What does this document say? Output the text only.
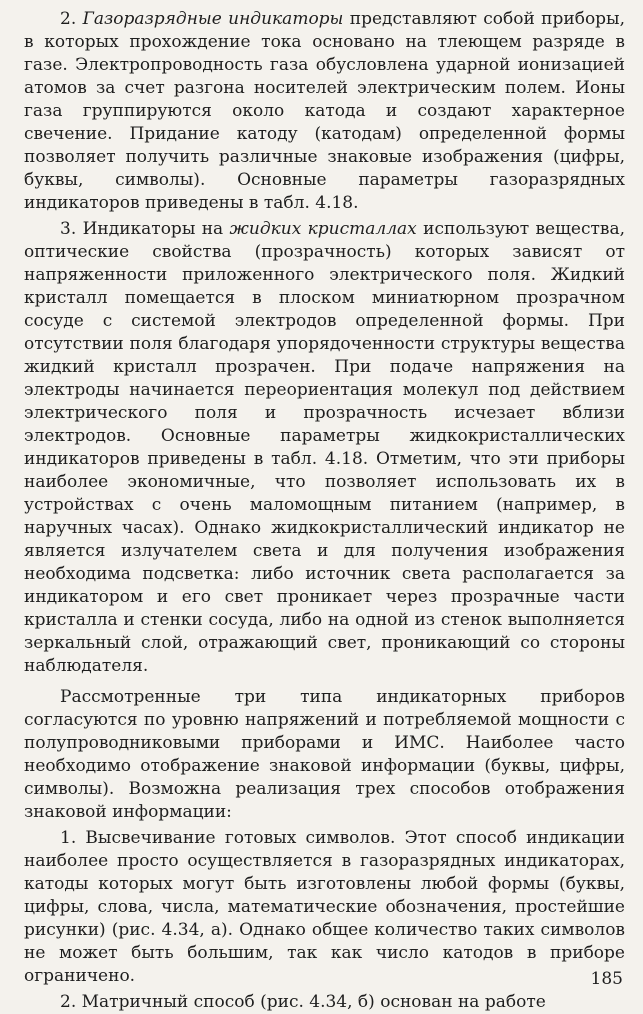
2. Газоразрядные индикаторы представляют собой приборы, в которых прохождение тока основано на тлеющем разряде в газе. Электропроводность газа обусловлена ударной ионизацией атомов за счет разгона носителей электрическим полем. Ионы газа группируются около катода и создают характерное свечение. Придание катоду (катодам) определенной формы позволяет получить различные знаковые изображения (цифры, буквы, символы). Основные параметры газоразрядных индикаторов приведены в табл. 4.18.

3. Индикаторы на жидких кристаллах используют вещества, оптические свойства (прозрачность) которых зависят от напряженности приложенного электрического поля. Жидкий кристалл помещается в плоском миниатюрном прозрачном сосуде с системой электродов определенной формы. При отсутствии поля благодаря упорядоченности структуры вещества жидкий кристалл прозрачен. При подаче напряжения на электроды начинается переориентация молекул под действием электрического поля и прозрачность исчезает вблизи электродов. Основные параметры жидкокристаллических индикаторов приведены в табл. 4.18. Отметим, что эти приборы наиболее экономичные, что позволяет использовать их в устройствах с очень маломощным питанием (например, в наручных часах). Однако жидкокристаллический индикатор не является излучателем света и для получения изображения необходима подсветка: либо источник света располагается за индикатором и его свет проникает через прозрачные части кристалла и стенки сосуда, либо на одной из стенок выполняется зеркальный слой, отражающий свет, проникающий со стороны наблюдателя.

Рассмотренные три типа индикаторных приборов согласуются по уровню напряжений и потребляемой мощности с полупроводниковыми приборами и ИМС. Наиболее часто необходимо отображение знаковой информации (буквы, цифры, символы). Возможна реализация трех способов отображения знаковой информации:

1. Высвечивание готовых символов. Этот способ индикации наиболее просто осуществляется в газоразрядных индикаторах, катоды которых могут быть изготовлены любой формы (буквы, цифры, слова, числа, математические обозначения, простейшие рисунки) (рис. 4.34, а). Однако общее количество таких символов не может быть большим, так как число катодов в приборе ограничено.

2. Матричный способ (рис. 4.34, б) основан на работе

185
